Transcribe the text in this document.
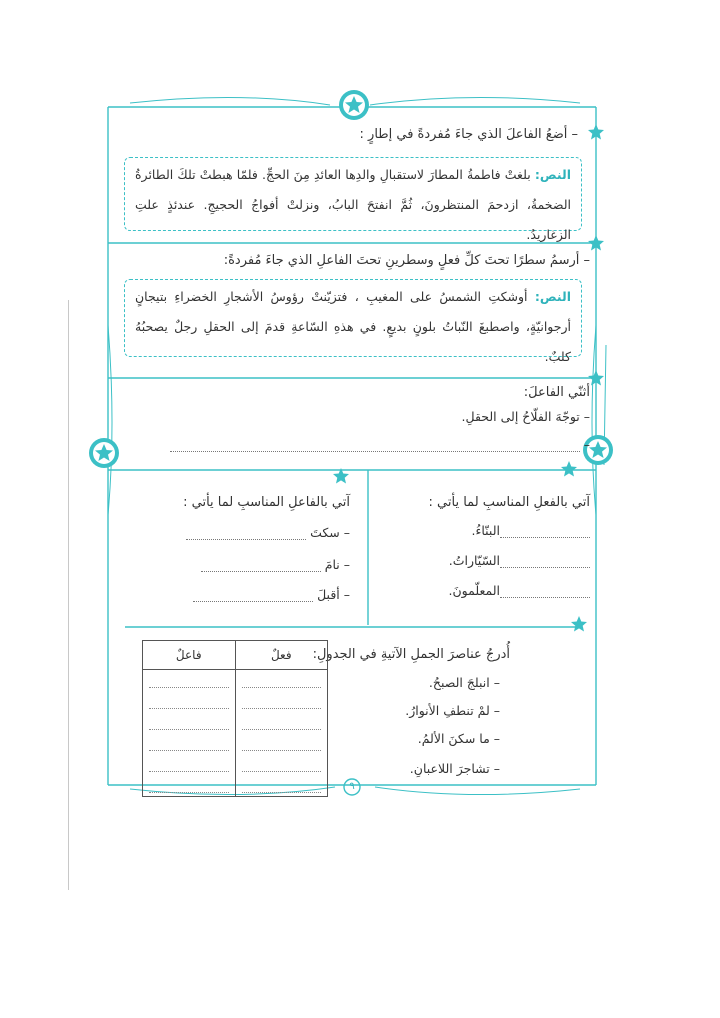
– أضعُ الفاعلَ الذي جاءَ مُفردةً في إطارٍ :
النص: بلغتْ فاطمةُ المطارَ لاستقبالِ والدِها العائدِ مِنَ الحجِّ. فلمّا هبطتْ تلكَ الطائرةُ الضخمةُ، ازدحمَ المنتظرونَ، ثُمَّ انفتحَ البابُ، ونزلتْ أفواجُ الحجيجِ. عندئذٍ علتِ الزغاريدُ.
– أرسمُ سطرًا تحتَ كلِّ فعلٍ وسطرينِ تحتَ الفاعلِ الذي جاءَ مُفردةً:
النص: أوشكتِ الشمسُ على المغيبِ ، فتزيّنتْ رؤوسُ الأشجارِ الخضراءِ بتيجانٍ أرجوانيّةٍ، واصطبغَ النّباتُ بلونٍ بديعٍ. في هذهِ السّاعةِ قدمَ إلى الحقلِ رجلٌ يصحبُهُ كلبٌ.
أثنّي الفاعلَ:
– توجّهَ الفلّاحُ إلى الحقلِ.
–
آتي بالفعلِ المناسبِ لما يأتي :
البنّاءُ.
السّيّاراتُ.
المعلّمونَ.
آتي بالفاعلِ المناسبِ لما يأتي :
– سكتَ
– نامَ
– أقبلَ
أُدرجُ عناصرَ الجملِ الآتيةِ في الجدولِ:
– انبلجَ الصبحُ.
– لمْ تنطفِ الأنوارُ.
– ما سكنَ الألمُ.
– تشاجرَ اللاعبانِ.
فاعلٌ	فعلٌ

٩
